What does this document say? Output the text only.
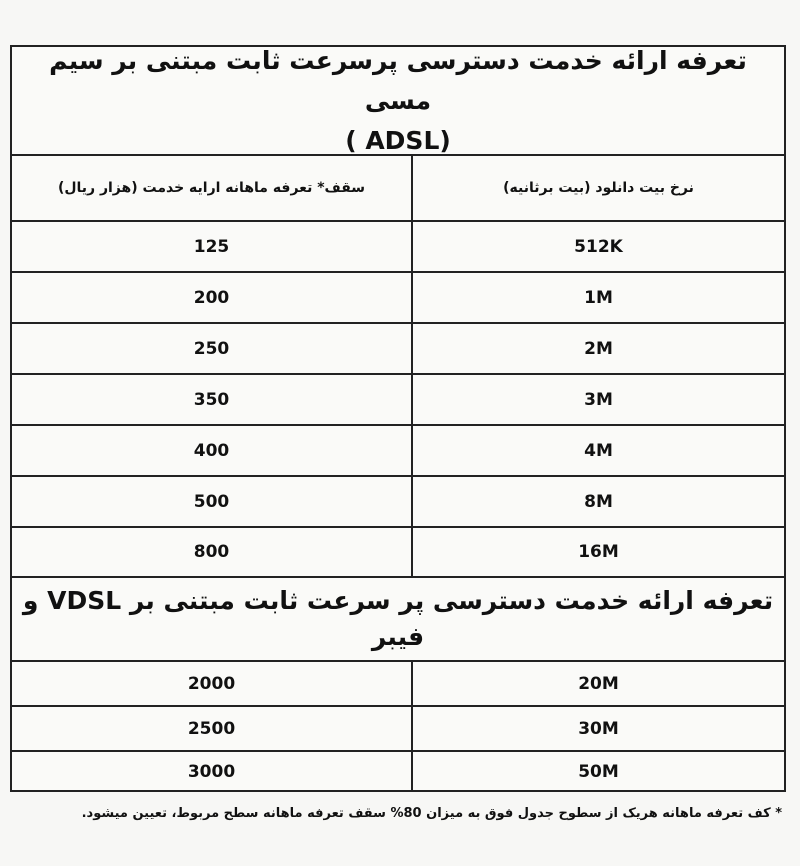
تعرفه ارائه خدمت دسترسی پرسرعت ثابت مبتنی بر سیم مسی
( ADSL)
سقف* تعرفه ماهانه ارایه خدمت (هزار ریال)	نرخ بیت دانلود (بیت برثانیه)
125	512K
200	1M
250	2M
350	3M
400	4M
500	8M
800	16M
تعرفه ارائه خدمت دسترسی پر سرعت ثابت مبتنی بر VDSL و
فیبر
2000	20M
2500	30M
3000	50M
* کف تعرفه ماهانه هریک از سطوح جدول فوق به میزان 80% سقف تعرفه ماهانه سطح مربوط، تعیین میشود.
